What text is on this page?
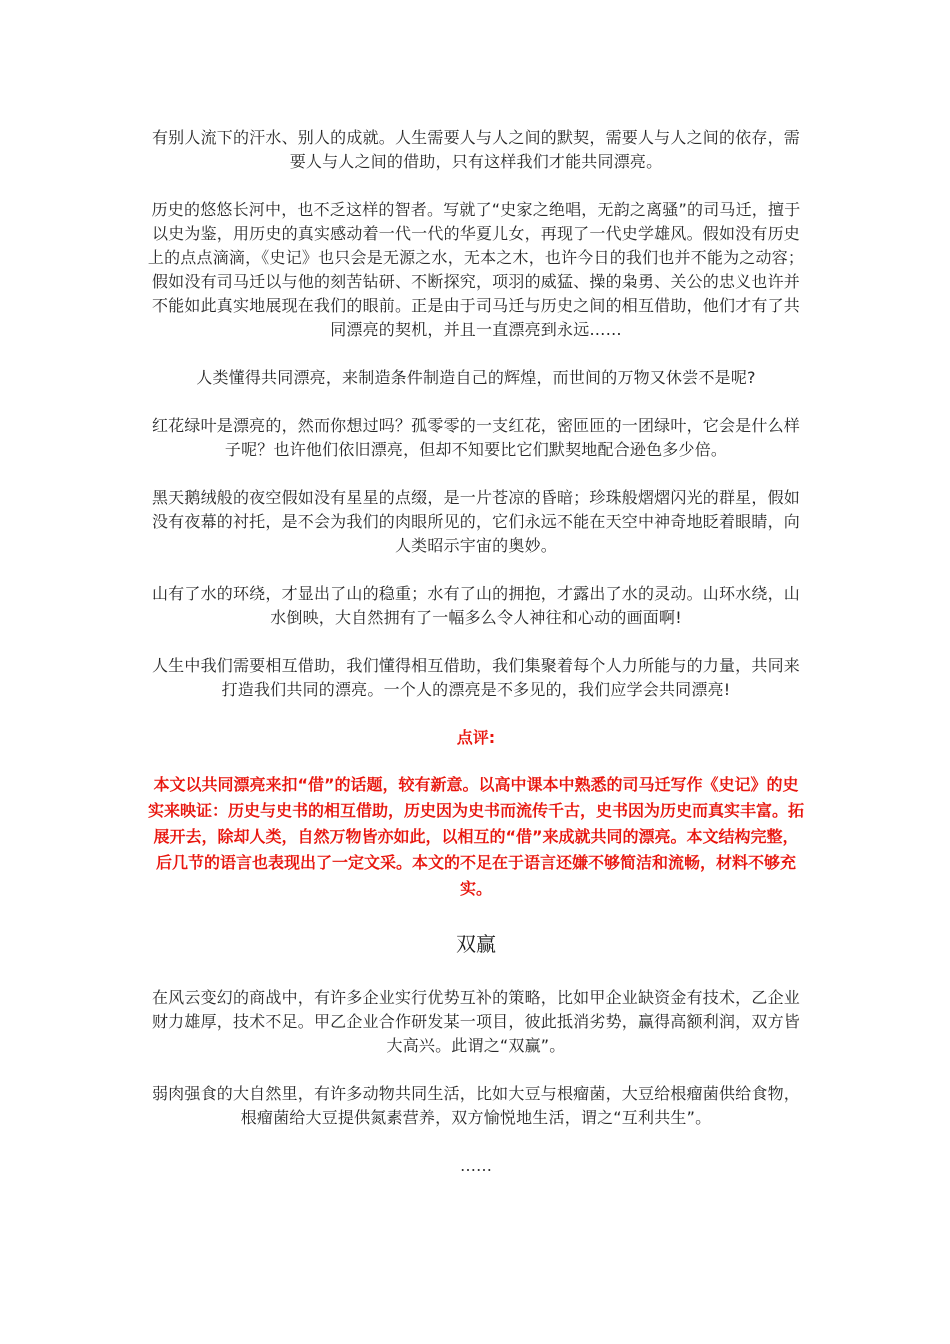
有别人流下的汗水、别人的成就。人生需要人与人之间的默契，需要人与人之间的依存，需要人与人之间的借助，只有这样我们才能共同漂亮。

历史的悠悠长河中，也不乏这样的智者。写就了“史家之绝唱，无韵之离骚”的司马迁，擅于以史为鉴，用历史的真实感动着一代一代的华夏儿女，再现了一代史学雄风。假如没有历史上的点点滴滴，《史记》也只会是无源之水，无本之木，也许今日的我们也并不能为之动容；假如没有司马迁以与他的刻苦钻研、不断探究，项羽的威猛、操的枭勇、关公的忠义也许并不能如此真实地展现在我们的眼前。正是由于司马迁与历史之间的相互借助，他们才有了共同漂亮的契机，并且一直漂亮到永远……

人类懂得共同漂亮，来制造条件制造自己的辉煌，而世间的万物又休尝不是呢?

红花绿叶是漂亮的，然而你想过吗？孤零零的一支红花，密匝匝的一团绿叶，它会是什么样子呢？也许他们依旧漂亮，但却不知要比它们默契地配合逊色多少倍。

黑天鹅绒般的夜空假如没有星星的点缀，是一片苍凉的昏暗；珍珠般熠熠闪光的群星，假如没有夜幕的衬托，是不会为我们的肉眼所见的，它们永远不能在天空中神奇地眨着眼睛，向人类昭示宇宙的奥妙。

山有了水的环绕，才显出了山的稳重；水有了山的拥抱，才露出了水的灵动。山环水绕，山水倒映，大自然拥有了一幅多么令人神往和心动的画面啊!

人生中我们需要相互借助，我们懂得相互借助，我们集聚着每个人力所能与的力量，共同来打造我们共同的漂亮。一个人的漂亮是不多见的，我们应学会共同漂亮!

点评:

本文以共同漂亮来扣“借”的话题，较有新意。以高中课本中熟悉的司马迁写作《史记》的史实来映证：历史与史书的相互借助，历史因为史书而流传千古，史书因为历史而真实丰富。拓展开去，除却人类，自然万物皆亦如此，以相互的“借”来成就共同的漂亮。本文结构完整，后几节的语言也表现出了一定文采。本文的不足在于语言还嫌不够简洁和流畅，材料不够充实。

双赢

在风云变幻的商战中，有许多企业实行优势互补的策略，比如甲企业缺资金有技术，乙企业财力雄厚，技术不足。甲乙企业合作研发某一项目，彼此抵消劣势，赢得高额利润，双方皆大高兴。此谓之“双赢”。

弱肉强食的大自然里，有许多动物共同生活，比如大豆与根瘤菌，大豆给根瘤菌供给食物，根瘤菌给大豆提供氮素营养，双方愉悦地生活，谓之“互利共生”。

……
